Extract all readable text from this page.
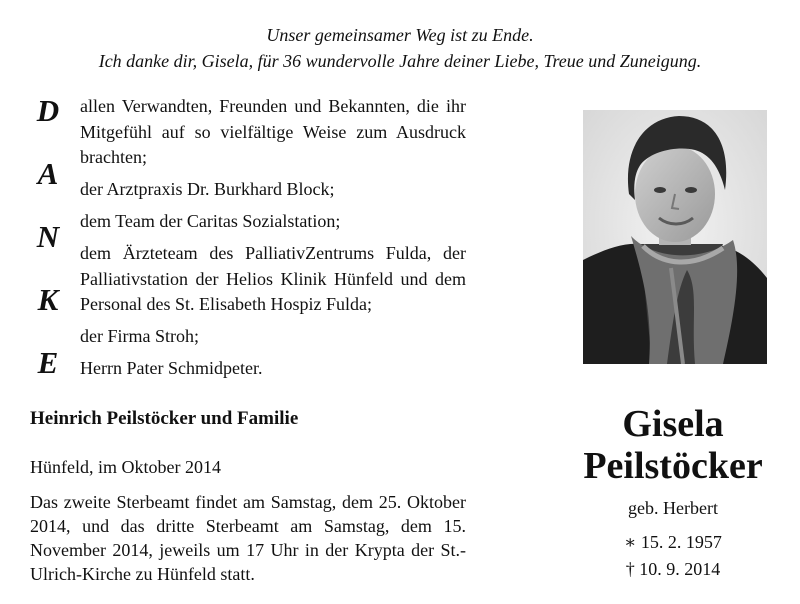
Unser gemeinsamer Weg ist zu Ende.
Ich danke dir, Gisela, für 36 wundervolle Jahre deiner Liebe, Treue und Zuneigung.
D
A
N
K
E
allen Verwandten, Freunden und Bekannten, die ihr Mitgefühl auf so vielfältige Weise zum Ausdruck brachten;
der Arztpraxis Dr. Burkhard Block;
dem Team der Caritas Sozialstation;
dem Ärzteteam des PalliativZentrums Fulda, der Palliativstation der Helios Klinik Hünfeld und dem Personal des St. Elisabeth Hospiz Fulda;
der Firma Stroh;
Herrn Pater Schmidpeter.
Heinrich Peilstöcker und Familie
Hünfeld, im Oktober 2014
Das zweite Sterbeamt findet am Samstag, dem 25. Oktober 2014, und das dritte Sterbeamt am Samstag, dem 15. November 2014, jeweils um 17 Uhr in der Krypta der St.-Ulrich-Kirche zu Hünfeld statt.
Gisela
Peilstöcker
geb. Herbert
∗ 15. 2. 1957
† 10. 9. 2014
